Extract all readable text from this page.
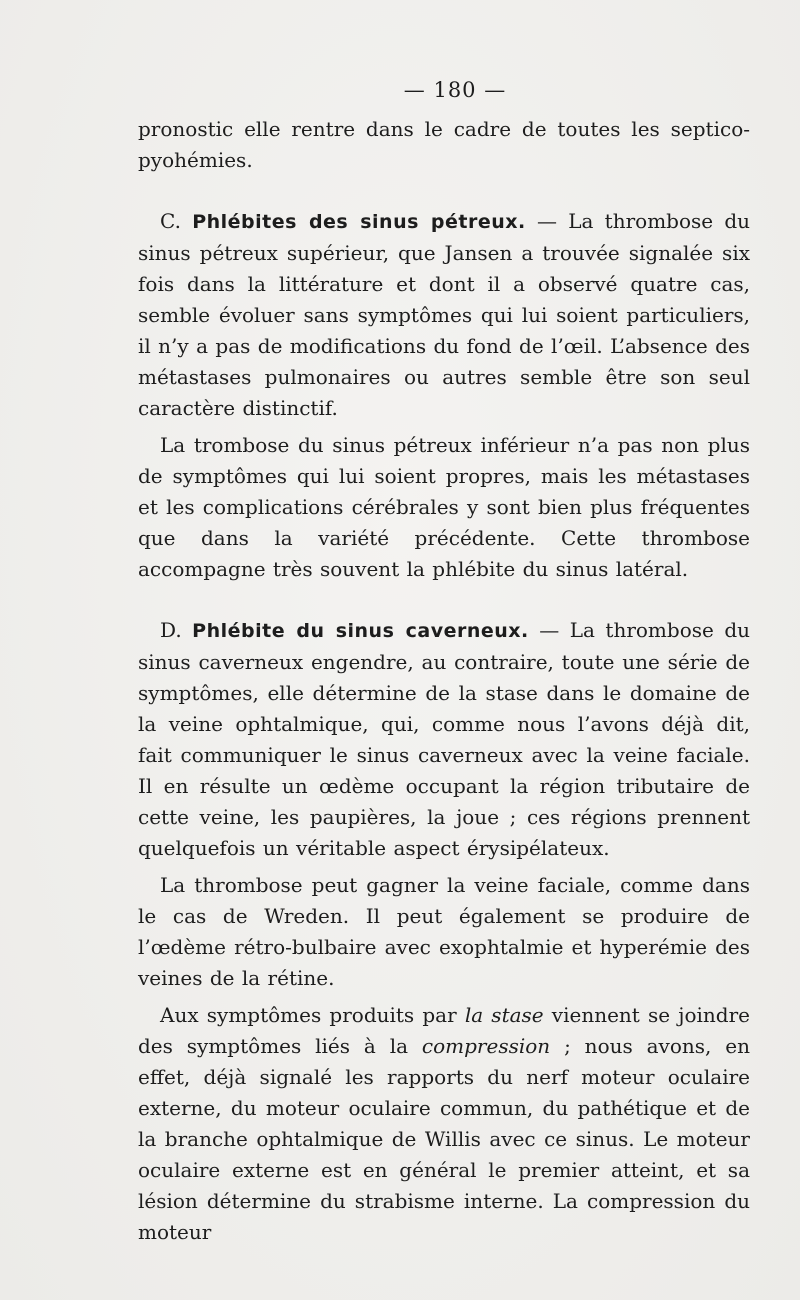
— 180 —

pronostic elle rentre dans le cadre de toutes les septico-pyohémies.

C. Phlébites des sinus pétreux. — La thrombose du sinus pétreux supérieur, que Jansen a trouvée signalée six fois dans la littérature et dont il a observé quatre cas, semble évoluer sans symptômes qui lui soient particuliers, il n’y a pas de modifications du fond de l’œil. L’absence des métastases pulmonaires ou autres semble être son seul caractère distinctif.

La trombose du sinus pétreux inférieur n’a pas non plus de symptômes qui lui soient propres, mais les métastases et les complications cérébrales y sont bien plus fréquentes que dans la variété précédente. Cette thrombose accompagne très souvent la phlébite du sinus latéral.

D. Phlébite du sinus caverneux. — La thrombose du sinus caverneux engendre, au contraire, toute une série de symptômes, elle détermine de la stase dans le domaine de la veine ophtalmique, qui, comme nous l’avons déjà dit, fait communiquer le sinus caverneux avec la veine faciale. Il en résulte un œdème occupant la région tributaire de cette veine, les paupières, la joue ; ces régions prennent quelquefois un véritable aspect érysipélateux.

La thrombose peut gagner la veine faciale, comme dans le cas de Wreden. Il peut également se produire de l’œdème rétro-bulbaire avec exophtalmie et hyperémie des veines de la rétine.

Aux symptômes produits par la stase viennent se joindre des symptômes liés à la compression ; nous avons, en effet, déjà signalé les rapports du nerf moteur oculaire externe, du moteur oculaire commun, du pathétique et de la branche ophtalmique de Willis avec ce sinus. Le moteur oculaire externe est en général le premier atteint, et sa lésion détermine du strabisme interne. La compression du moteur
